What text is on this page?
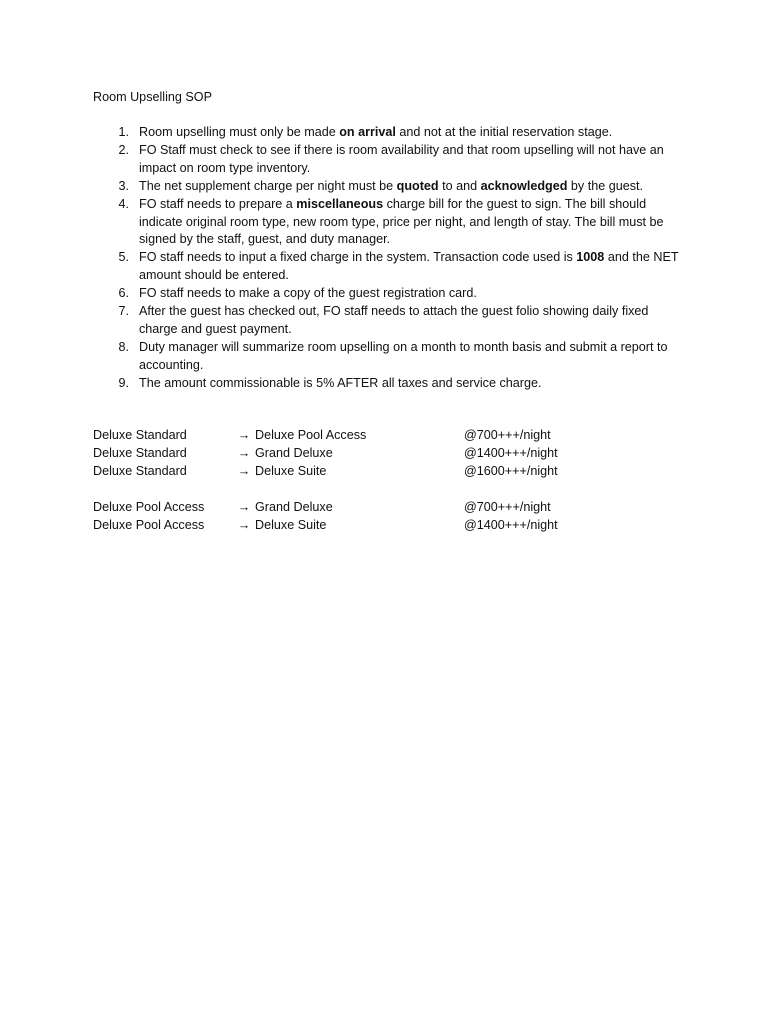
Room Upselling SOP
1. Room upselling must only be made on arrival and not at the initial reservation stage.
2. FO Staff must check to see if there is room availability and that room upselling will not have an impact on room type inventory.
3. The net supplement charge per night must be quoted to and acknowledged by the guest.
4. FO staff needs to prepare a miscellaneous charge bill for the guest to sign. The bill should indicate original room type, new room type, price per night, and length of stay. The bill must be signed by the staff, guest, and duty manager.
5. FO staff needs to input a fixed charge in the system. Transaction code used is 1008 and the NET amount should be entered.
6. FO staff needs to make a copy of the guest registration card.
7. After the guest has checked out, FO staff needs to attach the guest folio showing daily fixed charge and guest payment.
8. Duty manager will summarize room upselling on a month to month basis and submit a report to accounting.
9. The amount commissionable is 5% AFTER all taxes and service charge.
Deluxe Standard	→ Deluxe Pool Access	@700+++/night
Deluxe Standard	→ Grand Deluxe	@1400+++/night
Deluxe Standard	→ Deluxe Suite	@1600+++/night
Deluxe Pool Access	→ Grand Deluxe	@700+++/night
Deluxe Pool Access	→ Deluxe Suite	@1400+++/night
